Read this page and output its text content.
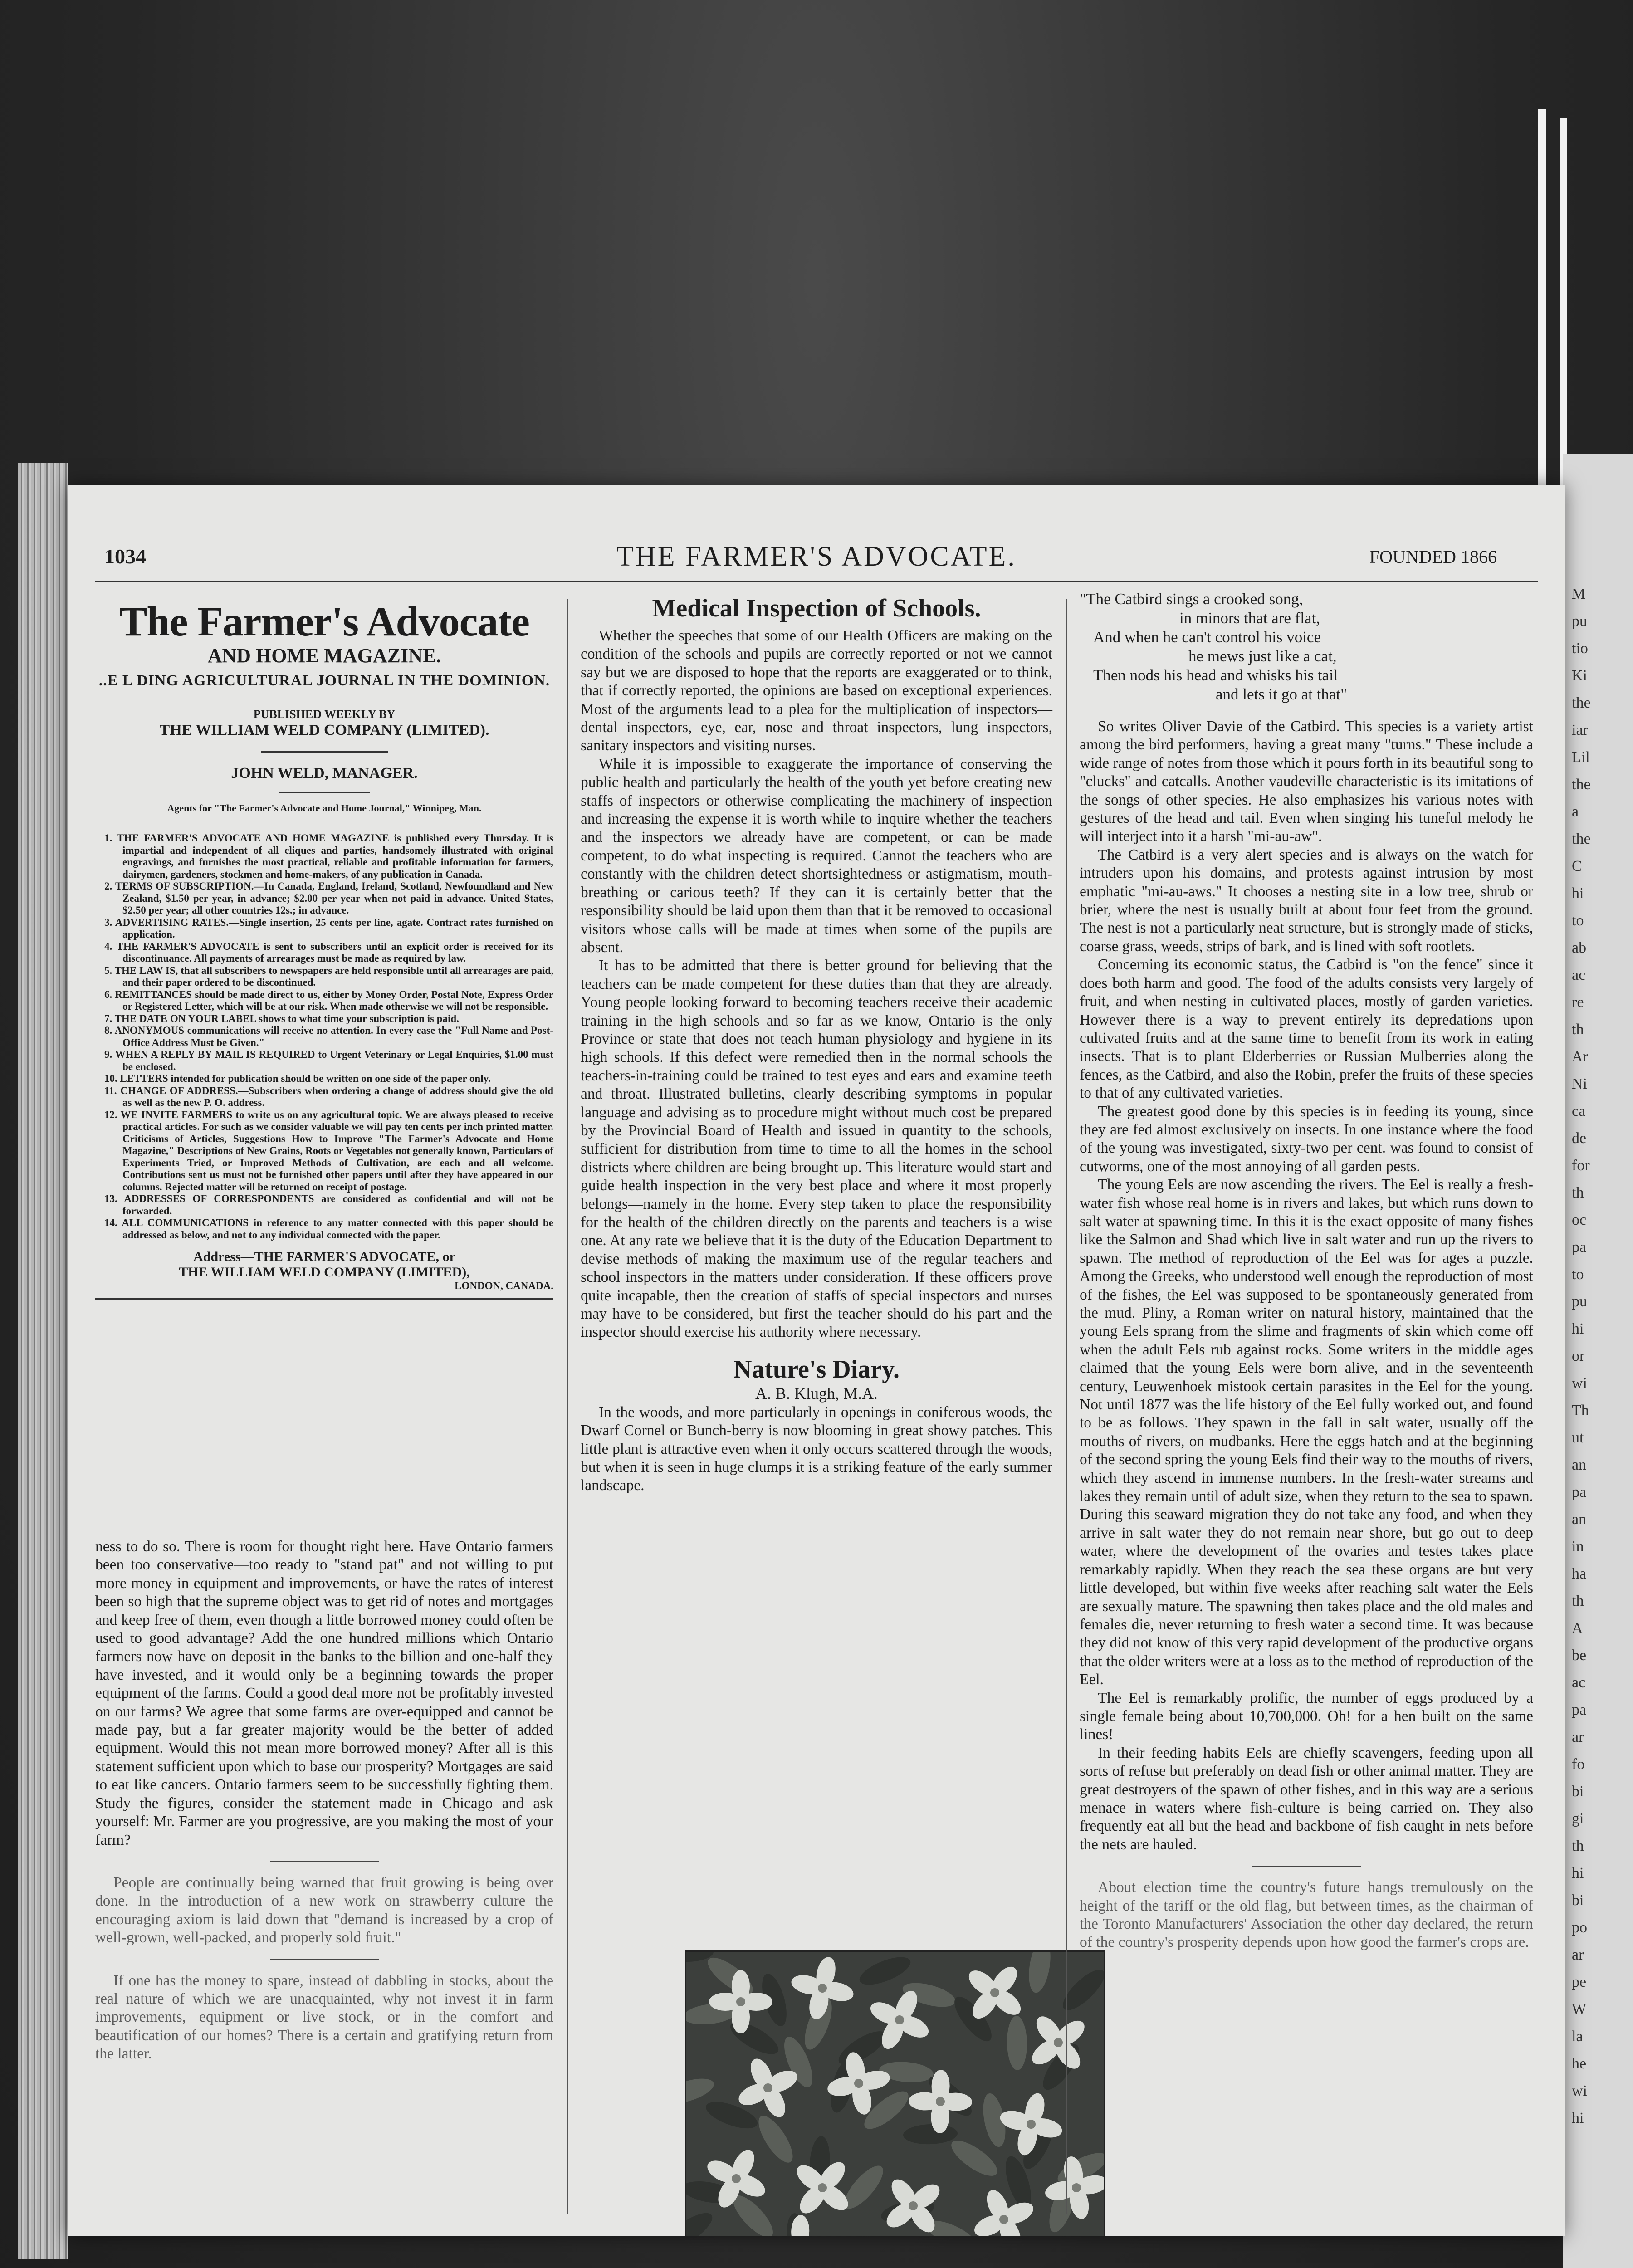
M
pu
tio
Ki
the
iar
Lil
the
a
the
C
hi
to
ab
ac
re
th
Ar
Ni
ca
de
for
th
oc
pa
to
pu
hi
or
wi
Th
ut
an
pa
an
in
ha
th
A
be
ac
pa
ar
fo
bi
gi
th
hi
bi
po
ar
pe
W
la
he
wi
hi
1034	THE FARMER'S ADVOCATE.	FOUNDED 1866
The Farmer's Advocate
AND HOME MAGAZINE.
..E L DING AGRICULTURAL JOURNAL IN THE DOMINION.
PUBLISHED WEEKLY BY
THE WILLIAM WELD COMPANY (LIMITED).
JOHN WELD, MANAGER.
Agents for "The Farmer's Advocate and Home Journal," Winnipeg, Man.
1. THE FARMER'S ADVOCATE AND HOME MAGAZINE is published every Thursday. It is impartial and independent of all cliques and parties, handsomely illustrated with original engravings, and furnishes the most practical, reliable and profitable information for farmers, dairymen, gardeners, stockmen and home-makers, of any publication in Canada.
2. TERMS OF SUBSCRIPTION.—In Canada, England, Ireland, Scotland, Newfoundland and New Zealand, $1.50 per year, in advance; $2.00 per year when not paid in advance. United States, $2.50 per year; all other countries 12s.; in advance.
3. ADVERTISING RATES.—Single insertion, 25 cents per line, agate. Contract rates furnished on application.
4. THE FARMER'S ADVOCATE is sent to subscribers until an explicit order is received for its discontinuance. All payments of arrearages must be made as required by law.
5. THE LAW IS, that all subscribers to newspapers are held responsible until all arrearages are paid, and their paper ordered to be discontinued.
6. REMITTANCES should be made direct to us, either by Money Order, Postal Note, Express Order or Registered Letter, which will be at our risk. When made otherwise we will not be responsible.
7. THE DATE ON YOUR LABEL shows to what time your subscription is paid.
8. ANONYMOUS communications will receive no attention. In every case the "Full Name and Post-Office Address Must be Given."
9. WHEN A REPLY BY MAIL IS REQUIRED to Urgent Veterinary or Legal Enquiries, $1.00 must be enclosed.
10. LETTERS intended for publication should be written on one side of the paper only.
11. CHANGE OF ADDRESS.—Subscribers when ordering a change of address should give the old as well as the new P. O. address.
12. WE INVITE FARMERS to write us on any agricultural topic. We are always pleased to receive practical articles. For such as we consider valuable we will pay ten cents per inch printed matter. Criticisms of Articles, Suggestions How to Improve "The Farmer's Advocate and Home Magazine," Descriptions of New Grains, Roots or Vegetables not generally known, Particulars of Experiments Tried, or Improved Methods of Cultivation, are each and all welcome. Contributions sent us must not be furnished other papers until after they have appeared in our columns. Rejected matter will be returned on receipt of postage.
13. ADDRESSES OF CORRESPONDENTS are considered as confidential and will not be forwarded.
14. ALL COMMUNICATIONS in reference to any matter connected with this paper should be addressed as below, and not to any individual connected with the paper.
Address—THE FARMER'S ADVOCATE, or
THE WILLIAM WELD COMPANY (LIMITED),
LONDON, CANADA.

ness to do so. There is room for thought right here. Have Ontario farmers been too conservative—too ready to "stand pat" and not willing to put more money in equipment and improvements, or have the rates of interest been so high that the supreme object was to get rid of notes and mortgages and keep free of them, even though a little borrowed money could often be used to good advantage? Add the one hundred millions which Ontario farmers now have on deposit in the banks to the billion and one-half they have invested, and it would only be a beginning towards the proper equipment of the farms. Could a good deal more not be profitably invested on our farms? We agree that some farms are over-equipped and cannot be made pay, but a far greater majority would be the better of added equipment. Would this not mean more borrowed money? After all is this statement sufficient upon which to base our prosperity? Mortgages are said to eat like cancers. Ontario farmers seem to be successfully fighting them. Study the figures, consider the statement made in Chicago and ask yourself: Mr. Farmer are you progressive, are you making the most of your farm?

People are continually being warned that fruit growing is being over done. In the introduction of a new work on strawberry culture the encouraging axiom is laid down that "demand is increased by a crop of well-grown, well-packed, and properly sold fruit."

If one has the money to spare, instead of dabbling in stocks, about the real nature of which we are unacquainted, why not invest it in farm improvements, equipment or live stock, or in the comfort and beautification of our homes? There is a certain and gratifying return from the latter.

Medical Inspection of Schools.

Whether the speeches that some of our Health Officers are making on the condition of the schools and pupils are correctly reported or not we cannot say but we are disposed to hope that the reports are exaggerated or to think, that if correctly reported, the opinions are based on exceptional experiences. Most of the arguments lead to a plea for the multiplication of inspectors—dental inspectors, eye, ear, nose and throat inspectors, lung inspectors, sanitary inspectors and visiting nurses.

While it is impossible to exaggerate the importance of conserving the public health and particularly the health of the youth yet before creating new staffs of inspectors or otherwise complicating the machinery of inspection and increasing the expense it is worth while to inquire whether the teachers and the inspectors we already have are competent, or can be made competent, to do what inspecting is required. Cannot the teachers who are constantly with the children detect shortsightedness or astigmatism, mouth-breathing or carious teeth? If they can it is certainly better that the responsibility should be laid upon them than that it be removed to occasional visitors whose calls will be made at times when some of the pupils are absent.

It has to be admitted that there is better ground for believing that the teachers can be made competent for these duties than that they are already. Young people looking forward to becoming teachers receive their academic training in the high schools and so far as we know, Ontario is the only Province or state that does not teach human physiology and hygiene in its high schools. If this defect were remedied then in the normal schools the teachers-in-training could be trained to test eyes and ears and examine teeth and throat. Illustrated bulletins, clearly describing symptoms in popular language and advising as to procedure might without much cost be prepared by the Provincial Board of Health and issued in quantity to the schools, sufficient for distribution from time to time to all the homes in the school districts where children are being brought up. This literature would start and guide health inspection in the very best place and where it most properly belongs—namely in the home. Every step taken to place the responsibility for the health of the children directly on the parents and teachers is a wise one. At any rate we believe that it is the duty of the Education Department to devise methods of making the maximum use of the regular teachers and school inspectors in the matters under consideration. If these officers prove quite incapable, then the creation of staffs of special inspectors and nurses may have to be considered, but first the teacher should do his part and the inspector should exercise his authority where necessary.

Nature's Diary.
A. B. Klugh, M.A.

In the woods, and more particularly in openings in coniferous woods, the Dwarf Cornel or Bunch-berry is now blooming in great showy patches. This little plant is attractive even when it only occurs scattered through the woods, but when it is seen in huge clumps it is a striking feature of the early summer landscape.

"The Catbird sings a crooked song,
in minors that are flat,
And when he can't control his voice
he mews just like a cat,
Then nods his head and whisks his tail
and lets it go at that"

So writes Oliver Davie of the Catbird. This species is a variety artist among the bird performers, having a great many "turns." These include a wide range of notes from those which it pours forth in its beautiful song to "clucks" and catcalls. Another vaudeville characteristic is its imitations of the songs of other species. He also emphasizes his various notes with gestures of the head and tail. Even when singing his tuneful melody he will interject into it a harsh "mi-au-aw".

The Catbird is a very alert species and is always on the watch for intruders upon his domains, and protests against intrusion by most emphatic "mi-au-aws." It chooses a nesting site in a low tree, shrub or brier, where the nest is usually built at about four feet from the ground. The nest is not a particularly neat structure, but is strongly made of sticks, coarse grass, weeds, strips of bark, and is lined with soft rootlets.

Concerning its economic status, the Catbird is "on the fence" since it does both harm and good. The food of the adults consists very largely of fruit, and when nesting in cultivated places, mostly of garden varieties. However there is a way to prevent entirely its depredations upon cultivated fruits and at the same time to benefit from its work in eating insects. That is to plant Elderberries or Russian Mulberries along the fences, as the Catbird, and also the Robin, prefer the fruits of these species to that of any cultivated varieties.

The greatest good done by this species is in feeding its young, since they are fed almost exclusively on insects. In one instance where the food of the young was investigated, sixty-two per cent. was found to consist of cutworms, one of the most annoying of all garden pests.

The young Eels are now ascending the rivers. The Eel is really a fresh-water fish whose real home is in rivers and lakes, but which runs down to salt water at spawning time. In this it is the exact opposite of many fishes like the Salmon and Shad which live in salt water and run up the rivers to spawn. The method of reproduction of the Eel was for ages a puzzle. Among the Greeks, who understood well enough the reproduction of most of the fishes, the Eel was supposed to be spontaneously generated from the mud. Pliny, a Roman writer on natural history, maintained that the young Eels sprang from the slime and fragments of skin which come off when the adult Eels rub against rocks. Some writers in the middle ages claimed that the young Eels were born alive, and in the seventeenth century, Leuwenhoek mistook certain parasites in the Eel for the young. Not until 1877 was the life history of the Eel fully worked out, and found to be as follows. They spawn in the fall in salt water, usually off the mouths of rivers, on mudbanks. Here the eggs hatch and at the beginning of the second spring the young Eels find their way to the mouths of rivers, which they ascend in immense numbers. In the fresh-water streams and lakes they remain until of adult size, when they return to the sea to spawn. During this seaward migration they do not take any food, and when they arrive in salt water they do not remain near shore, but go out to deep water, where the development of the ovaries and testes takes place remarkably rapidly. When they reach the sea these organs are but very little developed, but within five weeks after reaching salt water the Eels are sexually mature. The spawning then takes place and the old males and females die, never returning to fresh water a second time. It was because they did not know of this very rapid development of the productive organs that the older writers were at a loss as to the method of reproduction of the Eel.

The Eel is remarkably prolific, the number of eggs produced by a single female being about 10,700,000. Oh! for a hen built on the same lines!

In their feeding habits Eels are chiefly scavengers, feeding upon all sorts of refuse but preferably on dead fish or other animal matter. They are great destroyers of the spawn of other fishes, and in this way are a serious menace in waters where fish-culture is being carried on. They also frequently eat all but the head and backbone of fish caught in nets before the nets are hauled.

About election time the country's future hangs tremulously on the height of the tariff or the old flag, but between times, as the chairman of the Toronto Manufacturers' Association the other day declared, the return of the country's prosperity depends upon how good the farmer's crops are.
